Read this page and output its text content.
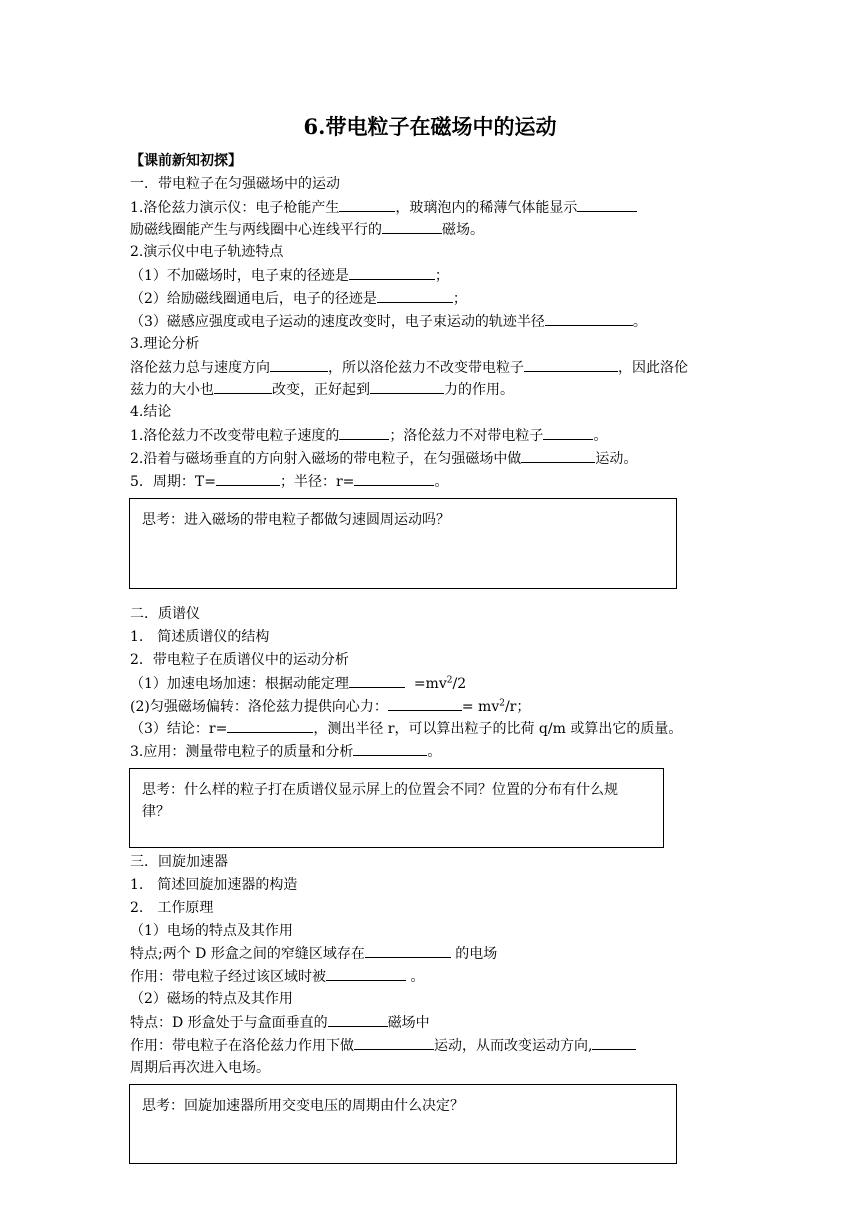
6.带电粒子在磁场中的运动
【课前新知初探】
一．带电粒子在匀强磁场中的运动
1.洛伦兹力演示仪：电子枪能产生	，玻璃泡内的稀薄气体能显示
励磁线圈能产生与两线圈中心连线平行的	磁场。
2.演示仪中电子轨迹特点
（1）不加磁场时，电子束的径迹是	；
（2）给励磁线圈通电后，电子的径迹是	；
（3）磁感应强度或电子运动的速度改变时，电子束运动的轨迹半径	。
3.理论分析
洛伦兹力总与速度方向	，所以洛伦兹力不改变带电粒子	，因此洛伦
兹力的大小也	改变，正好起到	力的作用。
4.结论
1.洛伦兹力不改变带电粒子速度的	；洛伦兹力不对带电粒子	。
2.沿着与磁场垂直的方向射入磁场的带电粒子，在匀强磁场中做	运动。
5．周期：T=	；半径：r=	。
思考：进入磁场的带电粒子都做匀速圆周运动吗？
二．质谱仪
1.　简述质谱仪的结构
2．带电粒子在质谱仪中的运动分析
（1）加速电场加速：根据动能定理	$=mv^2/2$
(2)匀强磁场偏转：洛伦兹力提供向心力：	= $mv^2/r$；
（3）结论：r=	，测出半径 r，可以算出粒子的比荷 q/m 或算出它的质量。
3.应用：测量带电粒子的质量和分析	。
思考：什么样的粒子打在质谱仪显示屏上的位置会不同？位置的分布有什么规
律？
三．回旋加速器
1.　简述回旋加速器的构造
2.　工作原理
（1）电场的特点及其作用
特点;两个 D 形盒之间的窄缝区域存在	的电场
作用：带电粒子经过该区域时被	。
（2）磁场的特点及其作用
特点：D 形盒处于与盒面垂直的	磁场中
作用：带电粒子在洛伦兹力作用下做	运动，从而改变运动方向,
周期后再次进入电场。
思考：回旋加速器所用交变电压的周期由什么决定？
